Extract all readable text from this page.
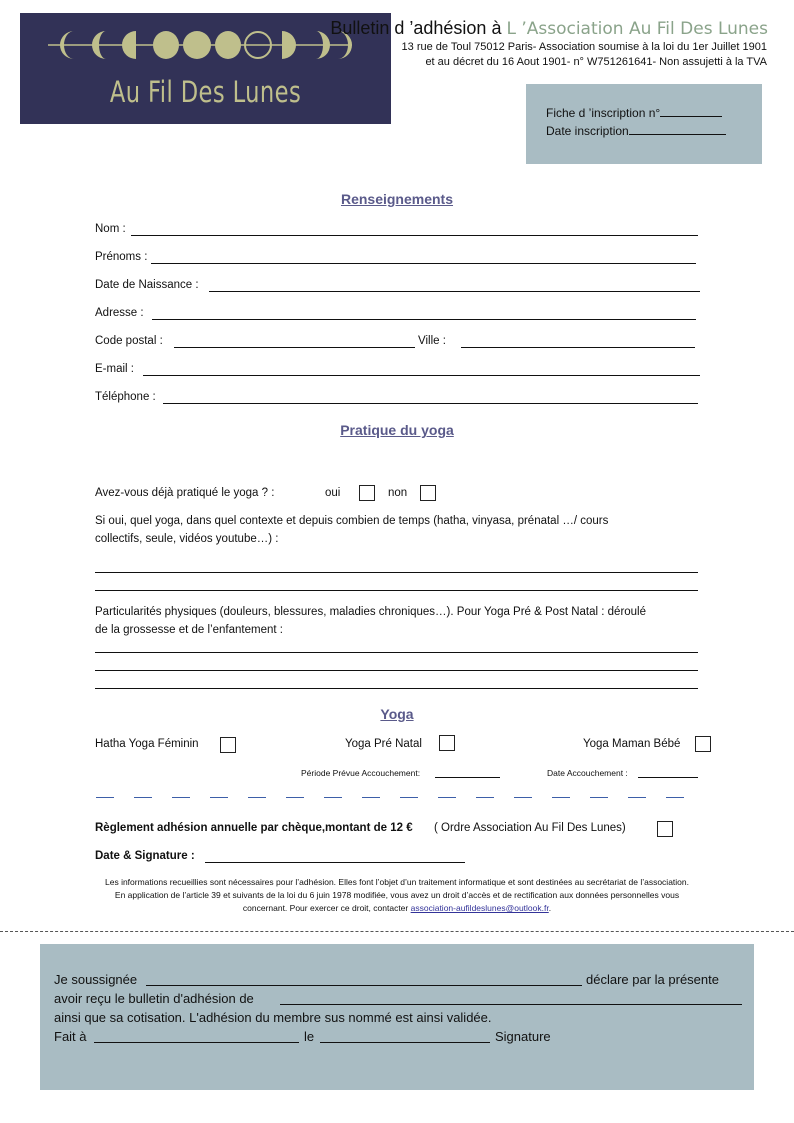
Au Fil Des Lunes
Bulletin d ’adhésion à L ’Association Au Fil Des Lunes
13 rue de Toul 75012 Paris- Association soumise à la loi du 1er Juillet 1901
et au décret du 16 Aout 1901- n° W751261641- Non assujetti à la TVA
Fiche d ’inscription n°
Date inscription
Renseignements
Nom :
Prénoms :
Date de Naissance :
Adresse :
Code postal :	Ville :
E-mail :
Téléphone :
Pratique du yoga
Avez-vous déjà pratiqué le yoga ? :	oui	non
Si oui, quel yoga, dans quel contexte et depuis combien de temps (hatha, vinyasa, prénatal …/ cours
collectifs, seule, vidéos youtube…) :
Particularités physiques (douleurs, blessures, maladies chroniques…). Pour Yoga Pré & Post Natal : déroulé
de la grossesse et de l’enfantement :
Yoga
Hatha Yoga Féminin	Yoga Pré Natal	Yoga Maman Bébé
Période Prévue Accouchement:	Date Accouchement :
Règlement adhésion annuelle par chèque,montant de 12 € ( Ordre Association Au Fil Des Lunes)
Date & Signature :
Les informations recueillies sont nécessaires pour l’adhésion. Elles font l’objet d’un traitement informatique et sont destinées au secrétariat de l’association. En application de l’article 39 et suivants de la loi du 6 juin 1978 modifiée, vous avez un droit d’accès et de rectification aux données personnelles vous concernant. Pour exercer ce droit, contacter association-aufildeslunes@outlook.fr.
Je soussignée	déclare par la présente
avoir reçu le bulletin d'adhésion de
ainsi que sa cotisation. L'adhésion du membre sus nommé est ainsi validée.
Fait à	le	Signature
